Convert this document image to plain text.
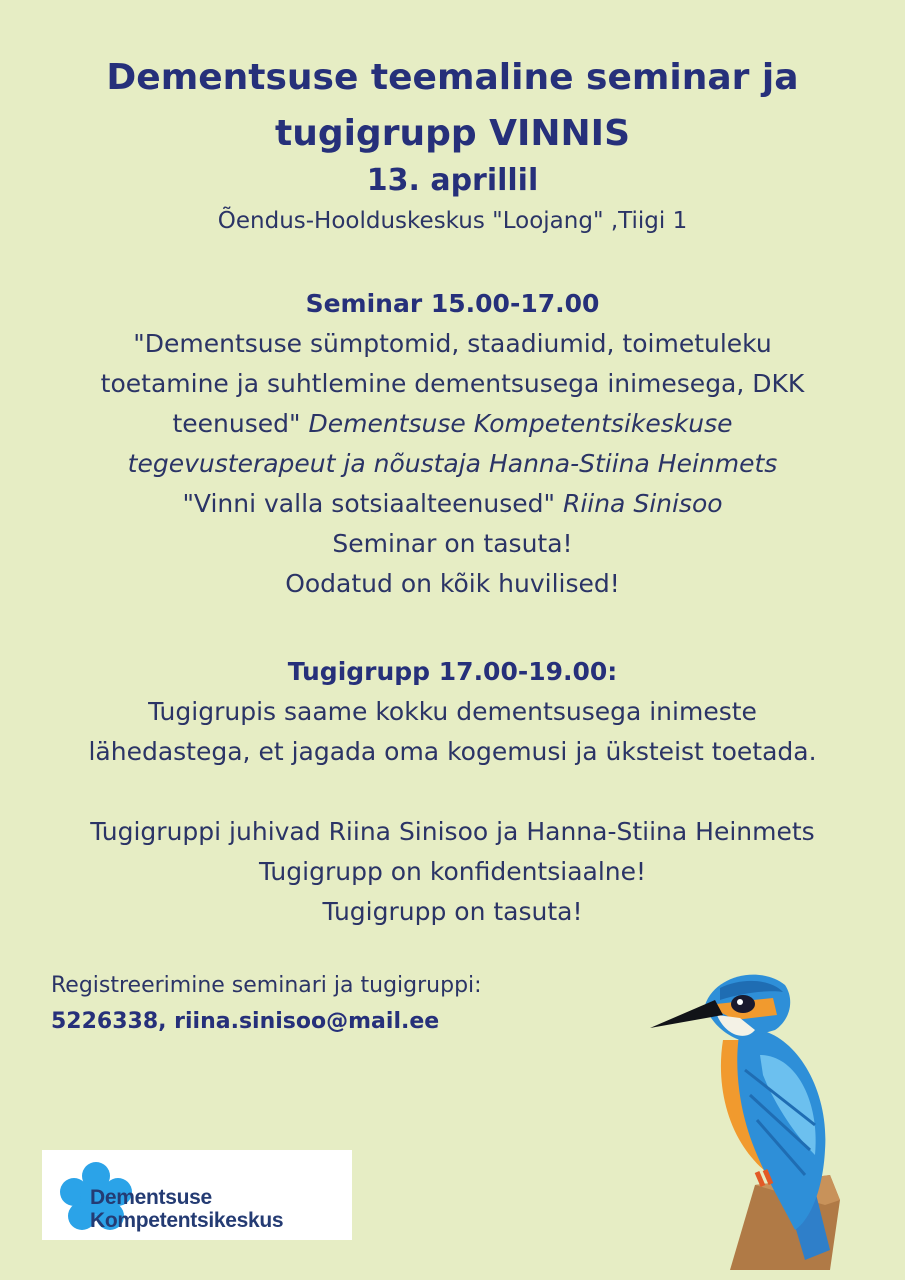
Dementsuse teemaline seminar ja
tugigrupp VINNIS
13. aprillil
Õendus-Hoolduskeskus "Loojang" ,Tiigi 1
Seminar 15.00-17.00
"Dementsuse sümptomid, staadiumid, toimetuleku
toetamine ja suhtlemine dementsusega inimesega, DKK
teenused" Dementsuse Kompetentsikeskuse
tegevusterapeut ja nõustaja Hanna-Stiina Heinmets
"Vinni valla sotsiaalteenused" Riina Sinisoo
Seminar on tasuta!
Oodatud on kõik huvilised!
Tugigrupp 17.00-19.00:
Tugigrupis saame kokku dementsusega inimeste
lähedastega, et jagada oma kogemusi ja üksteist toetada.
Tugigruppi juhivad Riina Sinisoo ja Hanna-Stiina Heinmets
Tugigrupp on konfidentsiaalne!
Tugigrupp on tasuta!
Registreerimine seminari ja tugigruppi:
5226338, riina.sinisoo@mail.ee
Dementsuse
Kompetentsikeskus
